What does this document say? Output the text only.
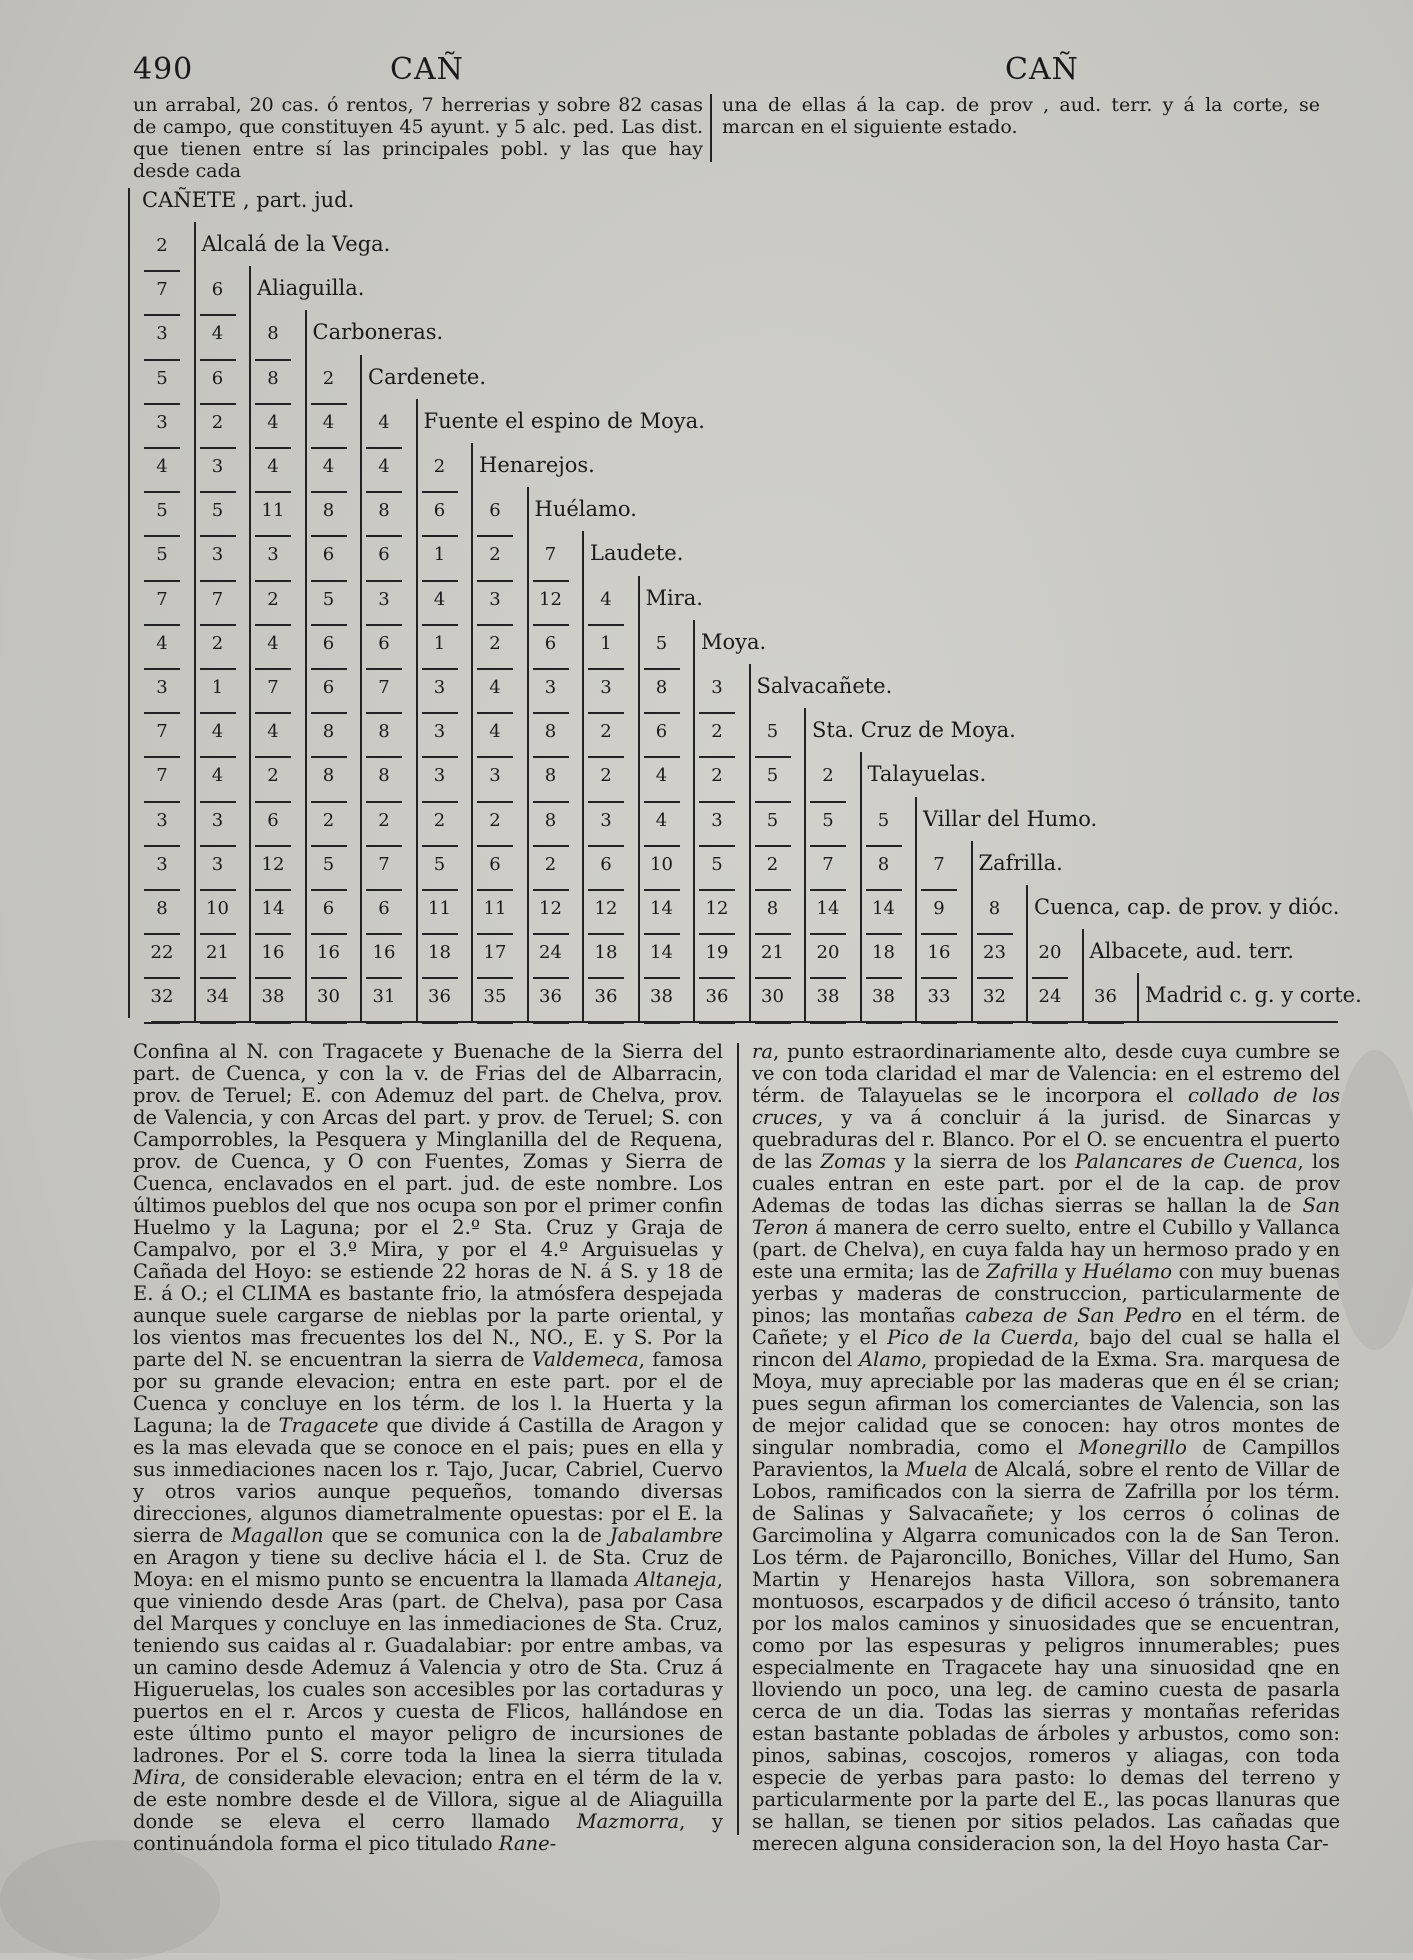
490	CAÑ	CAÑ
un arrabal, 20 cas. ó rentos, 7 herrerias y sobre 82 casas de campo, que constituyen 45 ayunt. y 5 alc. ped. Las dist. que tienen entre sí las principales pobl. y las que hay desde cada
una de ellas á la cap. de prov , aud. terr. y á la corte, se marcan en el siguiente estado.
CAÑETE , part. jud.
2	Alcalá de la Vega.
7	6	Aliaguilla.
3	4	8	Carboneras.
5	6	8	2	Cardenete.
3	2	4	4	4	Fuente el espino de Moya.
4	3	4	4	4	2	Henarejos.
5	5	11	8	8	6	6	Huélamo.
5	3	3	6	6	1	2	7	Laudete.
7	7	2	5	3	4	3	12	4	Mira.
4	2	4	6	6	1	2	6	1	5	Moya.
3	1	7	6	7	3	4	3	3	8	3	Salvacañete.
7	4	4	8	8	3	4	8	2	6	2	5	Sta. Cruz de Moya.
7	4	2	8	8	3	3	8	2	4	2	5	2	Talayuelas.
3	3	6	2	2	2	2	8	3	4	3	5	5	5	Villar del Humo.
3	3	12	5	7	5	6	2	6	10	5	2	7	8	7	Zafrilla.
8	10	14	6	6	11	11	12	12	14	12	8	14	14	9	8	Cuenca, cap. de prov. y dióc.
22	21	16	16	16	18	17	24	18	14	19	21	20	18	16	23	20	Albacete, aud. terr.
32	34	38	30	31	36	35	36	36	38	36	30	38	38	33	32	24	36	Madrid c. g. y corte.
Confina al N. con Tragacete y Buenache de la Sierra del part. de Cuenca, y con la v. de Frias del de Albarracin, prov. de Teruel; E. con Ademuz del part. de Chelva, prov. de Valencia, y con Arcas del part. y prov. de Teruel; S. con Camporrobles, la Pesquera y Minglanilla del de Requena, prov. de Cuenca, y O con Fuentes, Zomas y Sierra de Cuenca, enclavados en el part. jud. de este nombre. Los últimos pueblos del que nos ocupa son por el primer confin Huelmo y la Laguna; por el 2.º Sta. Cruz y Graja de Campalvo, por el 3.º Mira, y por el 4.º Arguisuelas y Cañada del Hoyo: se estiende 22 horas de N. á S. y 18 de E. á O.; el CLIMA es bastante frio, la atmósfera despejada aunque suele cargarse de nieblas por la parte oriental, y los vientos mas frecuentes los del N., NO., E. y S. Por la parte del N. se encuentran la sierra de Valdemeca, famosa por su grande elevacion; entra en este part. por el de Cuenca y concluye en los térm. de los l. la Huerta y la Laguna; la de Tragacete que divide á Castilla de Aragon y es la mas elevada que se conoce en el pais; pues en ella y sus inmediaciones nacen los r. Tajo, Jucar, Cabriel, Cuervo y otros varios aunque pequeños, tomando diversas direcciones, algunos diametralmente opuestas: por el E. la sierra de Magallon que se comunica con la de Jabalambre en Aragon y tiene su declive hácia el l. de Sta. Cruz de Moya: en el mismo punto se encuentra la llamada Altaneja, que viniendo desde Aras (part. de Chelva), pasa por Casa del Marques y concluye en las inmediaciones de Sta. Cruz, teniendo sus caidas al r. Guadalabiar: por entre ambas, va un camino desde Ademuz á Valencia y otro de Sta. Cruz á Higueruelas, los cuales son accesibles por las cortaduras y puertos en el r. Arcos y cuesta de Flicos, hallándose en este último punto el mayor peligro de incursiones de ladrones. Por el S. corre toda la linea la sierra titulada Mira, de considerable elevacion; entra en el térm de la v. de este nombre desde el de Villora, sigue al de Aliaguilla donde se eleva el cerro llamado Mazmorra, y continuándola forma el pico titulado Rane-
ra, punto estraordinariamente alto, desde cuya cumbre se ve con toda claridad el mar de Valencia: en el estremo del térm. de Talayuelas se le incorpora el collado de los cruces, y va á concluir á la jurisd. de Sinarcas y quebraduras del r. Blanco. Por el O. se encuentra el puerto de las Zomas y la sierra de los Palancares de Cuenca, los cuales entran en este part. por el de la cap. de prov Ademas de todas las dichas sierras se hallan la de San Teron á manera de cerro suelto, entre el Cubillo y Vallanca (part. de Chelva), en cuya falda hay un hermoso prado y en este una ermita; las de Zafrilla y Huélamo con muy buenas yerbas y maderas de construccion, particularmente de pinos; las montañas cabeza de San Pedro en el térm. de Cañete; y el Pico de la Cuerda, bajo del cual se halla el rincon del Alamo, propiedad de la Exma. Sra. marquesa de Moya, muy apreciable por las maderas que en él se crian; pues segun afirman los comerciantes de Valencia, son las de mejor calidad que se conocen: hay otros montes de singular nombradia, como el Monegrillo de Campillos Paravientos, la Muela de Alcalá, sobre el rento de Villar de Lobos, ramificados con la sierra de Zafrilla por los térm. de Salinas y Salvacañete; y los cerros ó colinas de Garcimolina y Algarra comunicados con la de San Teron. Los térm. de Pajaroncillo, Boniches, Villar del Humo, San Martin y Henarejos hasta Villora, son sobremanera montuosos, escarpados y de dificil acceso ó tránsito, tanto por los malos caminos y sinuosidades que se encuentran, como por las espesuras y peligros innumerables; pues especialmente en Tragacete hay una sinuosidad qne en lloviendo un poco, una leg. de camino cuesta de pasarla cerca de un dia. Todas las sierras y montañas referidas estan bastante pobladas de árboles y arbustos, como son: pinos, sabinas, coscojos, romeros y aliagas, con toda especie de yerbas para pasto: lo demas del terreno y particularmente por la parte del E., las pocas llanuras que se hallan, se tienen por sitios pelados. Las cañadas que merecen alguna consideracion son, la del Hoyo hasta Car-
